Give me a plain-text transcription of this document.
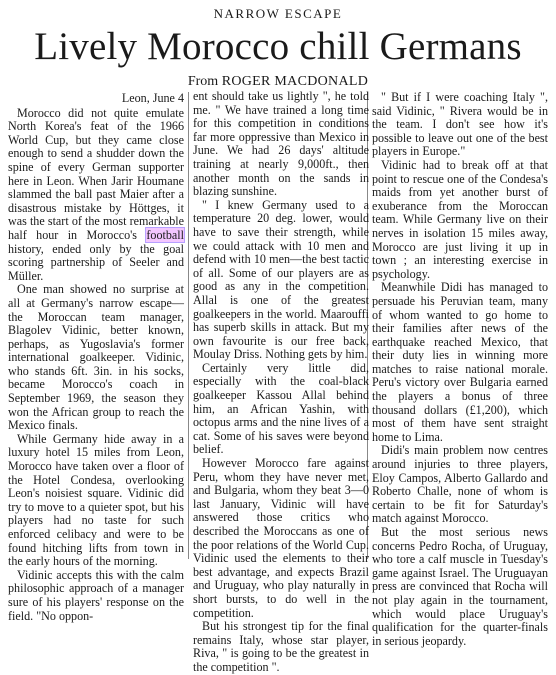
NARROW ESCAPE
Lively Morocco chill Germans
From ROGER MACDONALD

Leon, June 4

Morocco did not quite emulate North Korea's feat of the 1966 World Cup, but they came close enough to send a shudder down the spine of every German supporter here in Leon. When Jarir Houmane slammed the ball past Maier after a disastrous mistake by Höttges, it was the start of the most remarkable half hour in Morocco's football history, ended only by the goal scoring partnership of Seeler and Müller.

One man showed no surprise at all at Germany's narrow escape—the Moroccan team manager, Blagolev Vidinic, better known, perhaps, as Yugoslavia's former international goalkeeper. Vidinic, who stands 6ft. 3in. in his socks, became Morocco's coach in September 1969, the season they won the African group to reach the Mexico finals.

While Germany hide away in a luxury hotel 15 miles from Leon, Morocco have taken over a floor of the Hotel Condesa, overlooking Leon's noisiest square. Vidinic did try to move to a quieter spot, but his players had no taste for such enforced celibacy and were to be found hitching lifts from town in the early hours of the morning.

Vidinic accepts this with the calm philosophic approach of a manager sure of his players' response on the field. "No oppon-

ent should take us lightly ", he told me. " We have trained a long time for this competition in conditions far more oppressive than Mexico in June. We had 26 days' altitude training at nearly 9,000ft., then another month on the sands in blazing sunshine.

" I knew Germany used to a temperature 20 deg. lower, would have to save their strength, while we could attack with 10 men and defend with 10 men—the best tactic of all. Some of our players are as good as any in the competition. Allal is one of the greatest goalkeepers in the world. Maarouffi has superb skills in attack. But my own favourite is our free back, Moulay Driss. Nothing gets by him.

Certainly very little did, especially with the coal-black goalkeeper Kassou Allal behind him, an African Yashin, with octopus arms and the nine lives of a cat. Some of his saves were beyond belief.

However Morocco fare against Peru, whom they have never met, and Bulgaria, whom they beat 3—0 last January, Vidinic will have answered those critics who described the Moroccans as one of the poor relations of the World Cup. Vidinic used the elements to their best advantage, and expects Brazil and Uruguay, who play naturally in short bursts, to do well in the competition.

But his strongest tip for the final remains Italy, whose star player, Riva, " is going to be the greatest in the competition ".

" But if I were coaching Italy ", said Vidinic, " Rivera would be in the team. I don't see how it's possible to leave out one of the best players in Europe."

Vidinic had to break off at that point to rescue one of the Condesa's maids from yet another burst of exuberance from the Moroccan team. While Germany live on their nerves in isolation 15 miles away, Morocco are just living it up in town ; an interesting exercise in psychology.

Meanwhile Didi has managed to persuade his Peruvian team, many of whom wanted to go home to their families after news of the earthquake reached Mexico, that their duty lies in winning more matches to raise national morale. Peru's victory over Bulgaria earned the players a bonus of three thousand dollars (£1,200), which most of them have sent straight home to Lima.

Didi's main problem now centres around injuries to three players, Eloy Campos, Alberto Gallardo and Roberto Challe, none of whom is certain to be fit for Saturday's match against Morocco.

But the most serious news concerns Pedro Rocha, of Uruguay, who tore a calf muscle in Tuesday's game against Israel. The Uruguayan press are convinced that Rocha will not play again in the tournament, which would place Uruguay's qualification for the quarter-finals in serious jeopardy.
